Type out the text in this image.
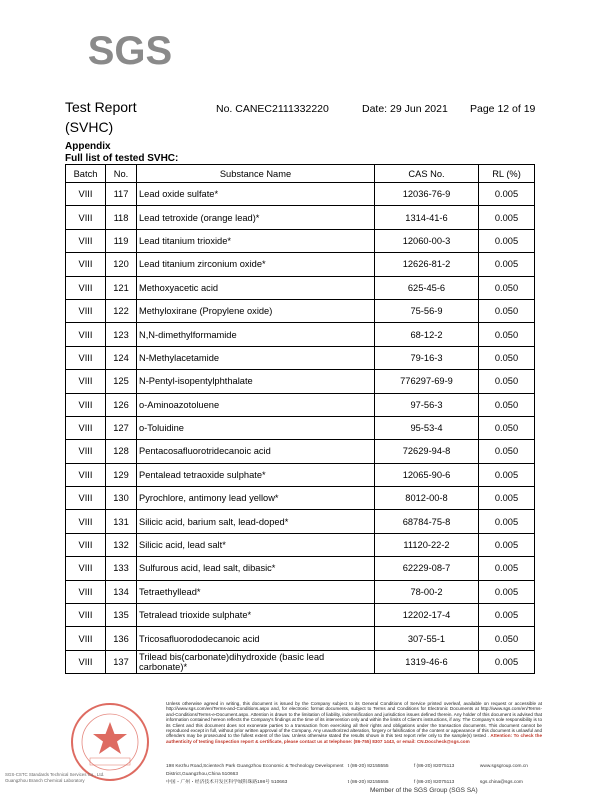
SGS
Test Report
(SVHC)
No. CANEC2111332220	Date: 29 Jun 2021 Page 12 of 19
Appendix
Full list of tested SVHC:
Batch	No.	Substance Name	CAS No.	RL (%)
VIII	117	Lead oxide sulfate*	12036-76-9	0.005
VIII	118	Lead tetroxide (orange lead)*	1314-41-6	0.005
VIII	119	Lead titanium trioxide*	12060-00-3	0.005
VIII	120	Lead titanium zirconium oxide*	12626-81-2	0.005
VIII	121	Methoxyacetic acid	625-45-6	0.050
VIII	122	Methyloxirane (Propylene oxide)	75-56-9	0.050
VIII	123	N,N-dimethylformamide	68-12-2	0.050
VIII	124	N-Methylacetamide	79-16-3	0.050
VIII	125	N-Pentyl-isopentylphthalate	776297-69-9	0.050
VIII	126	o-Aminoazotoluene	97-56-3	0.050
VIII	127	o-Toluidine	95-53-4	0.050
VIII	128	Pentacosafluorotridecanoic acid	72629-94-8	0.050
VIII	129	Pentalead tetraoxide sulphate*	12065-90-6	0.005
VIII	130	Pyrochlore, antimony lead yellow*	8012-00-8	0.005
VIII	131	Silicic acid, barium salt, lead-doped*	68784-75-8	0.005
VIII	132	Silicic acid, lead salt*	11120-22-2	0.005
VIII	133	Sulfurous acid, lead salt, dibasic*	62229-08-7	0.005
VIII	134	Tetraethyllead*	78-00-2	0.005
VIII	135	Tetralead trioxide sulphate*	12202-17-4	0.005
VIII	136	Tricosafluorododecanoic acid	307-55-1	0.050
VIII	137	Trilead bis(carbonate)dihydroxide (basic lead carbonate)*	1319-46-6	0.005
SGS-CSTC Standards Technical Services Co., Ltd.
Guangzhou Branch Chemical Laboratory
Unless otherwise agreed in writing, this document is issued by the Company subject to its General Conditions of Service printed overleaf, available on request or accessible at http://www.sgs.com/en/Terms-and-Conditions.aspx and, for electronic format documents, subject to Terms and Conditions for Electronic Documents at http://www.sgs.com/en/Terms-and-Conditions/Terms-e-Document.aspx. Attention is drawn to the limitation of liability, indemnification and jurisdiction issues defined therein. Any holder of this document is advised that information contained hereon reflects the Company's findings at the time of its intervention only and within the limits of Client's instructions, if any. The Company's sole responsibility is to its Client and this document does not exonerate parties to a transaction from exercising all their rights and obligations under the transaction documents. This document cannot be reproduced except in full, without prior written approval of the Company. Any unauthorized alteration, forgery or falsification of the content or appearance of this document is unlawful and offenders may be prosecuted to the fullest extent of the law. Unless otherwise stated the results shown in this test report refer only to the sample(s) tested . Attention: To check the authenticity of testing /inspection report & certificate, please contact us at telephone: (86-755) 8307 1443, or email: CN.Doccheck@sgs.com
198 Kezhu Road,Scientech Park Guangzhou Economic & Technology Development District,Guangzhou,China 510663
t (86-20) 82155555	f (86-20) 82075113	www.sgsgroup.com.cn
中国・广州・经济技术开发区科学城科珠路198号 510663	t (86-20) 82155555	f (86-20) 82075113	sgs.china@sgs.com
Member of the SGS Group (SGS SA)
